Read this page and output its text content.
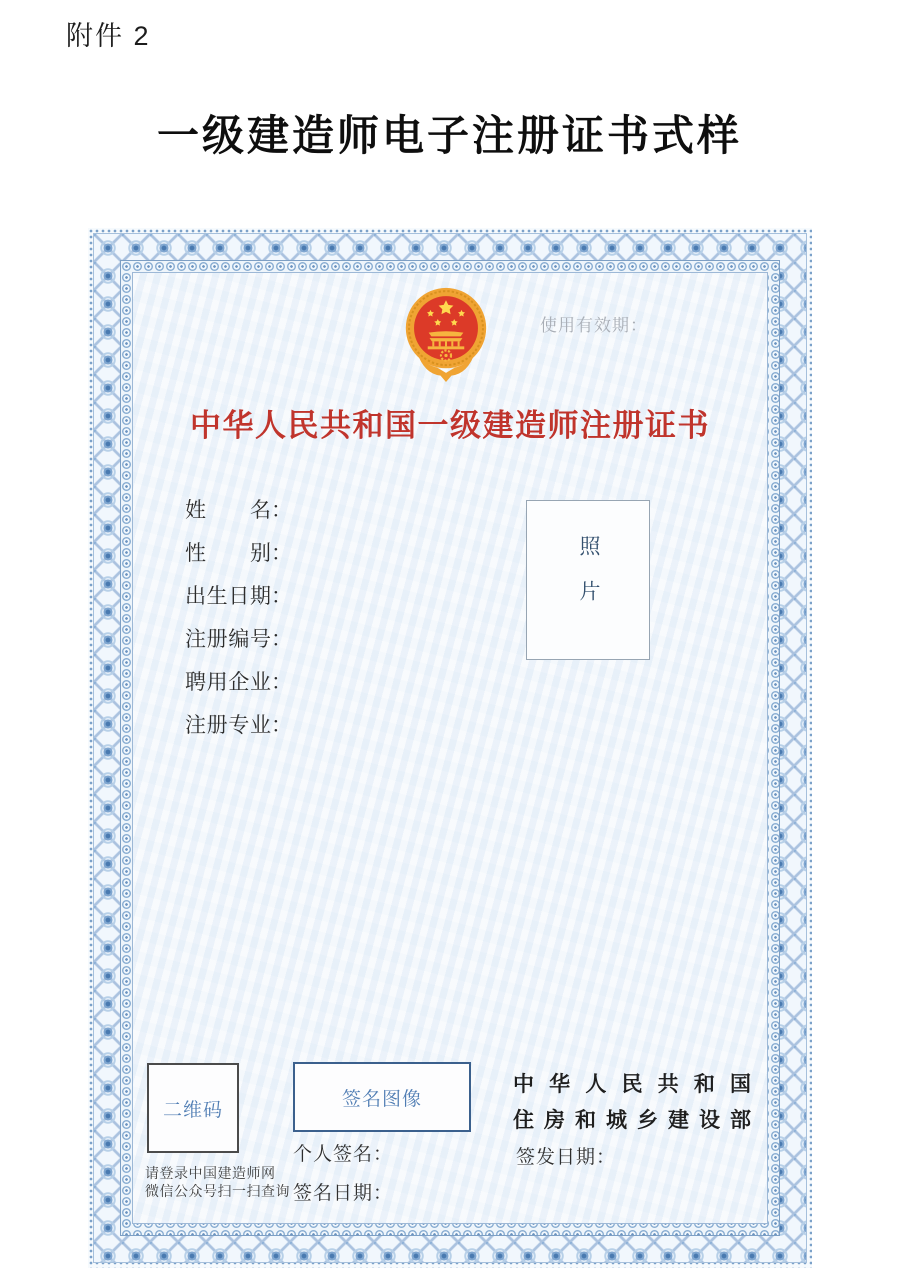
附件 2
一级建造师电子注册证书式样
使用有效期：
中华人民共和国一级建造师注册证书
姓名：
性别：
出生日期：
注册编号：
聘用企业：
注册专业：
照片
二维码
请登录中国建造师网
微信公众号扫一扫查询
签名图像
个人签名：
签名日期：
中华人民共和国
住房和城乡建设部
签发日期：
